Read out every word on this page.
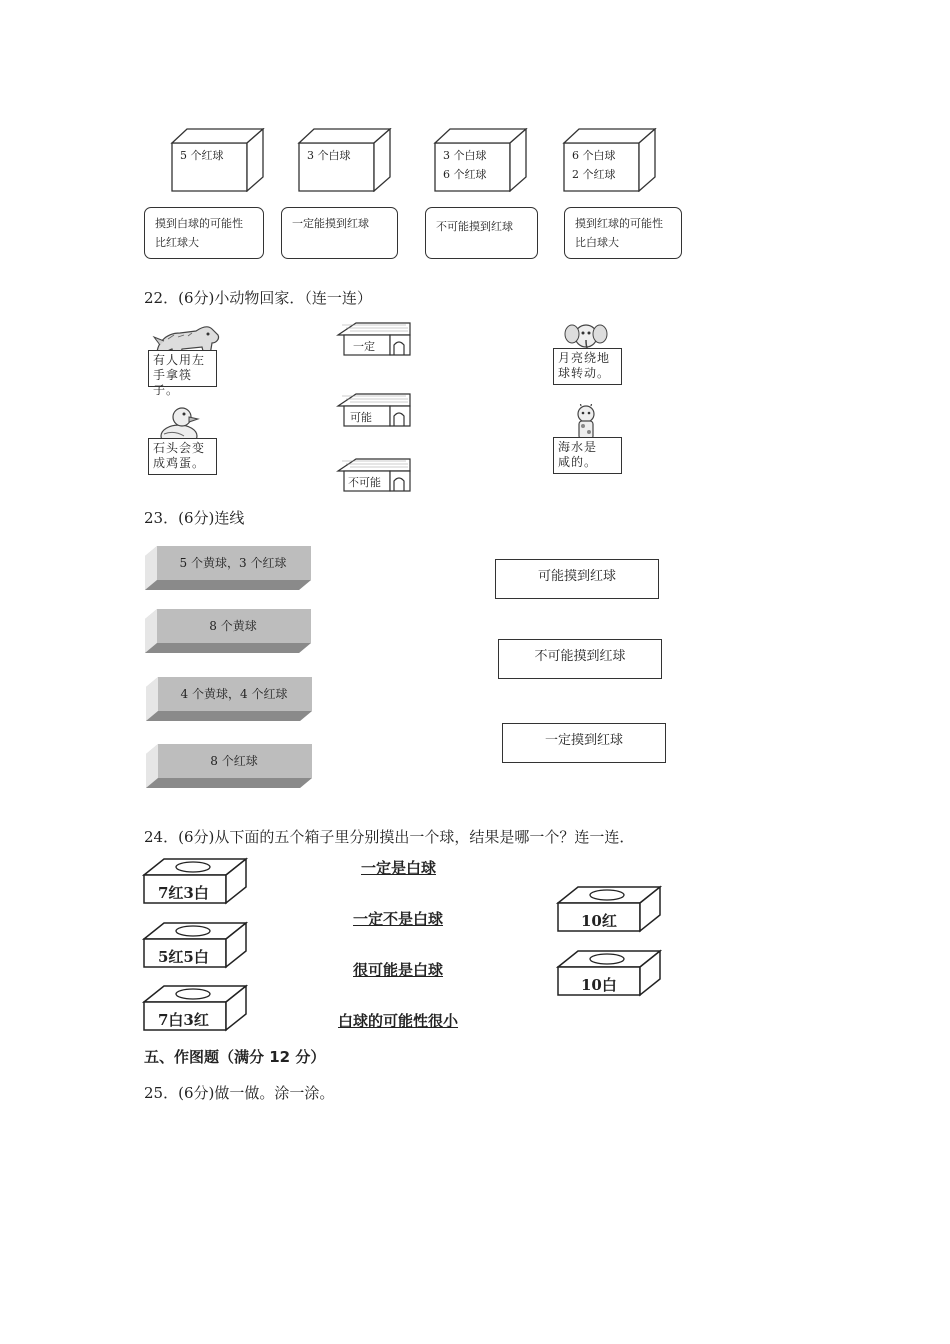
5 个红球	3 个白球	3 个白球
6 个红球
6 个白球
2 个红球
摸到白球的可能性
比红球大
一定能摸到红球	不可能摸到红球	摸到红球的可能性
比白球大
22．(6分)小动物回家．（连一连）
有人用左
手拿筷子。
石头会变
成鸡蛋。
一定
可能
不可能
月亮绕地
球转动。
海水是
咸的。
23．(6分)连线
5 个黄球，3 个红球
8 个黄球
4 个黄球，4 个红球
8 个红球
可能摸到红球
不可能摸到红球
一定摸到红球
24．(6分)从下面的五个箱子里分别摸出一个球，结果是哪一个？连一连．
7红3白
5红5白
7白3红
一定是白球
一定不是白球
很可能是白球
白球的可能性很小
10红
10白
五、作图题（满分 12 分）
25．(6分)做一做。涂一涂。
